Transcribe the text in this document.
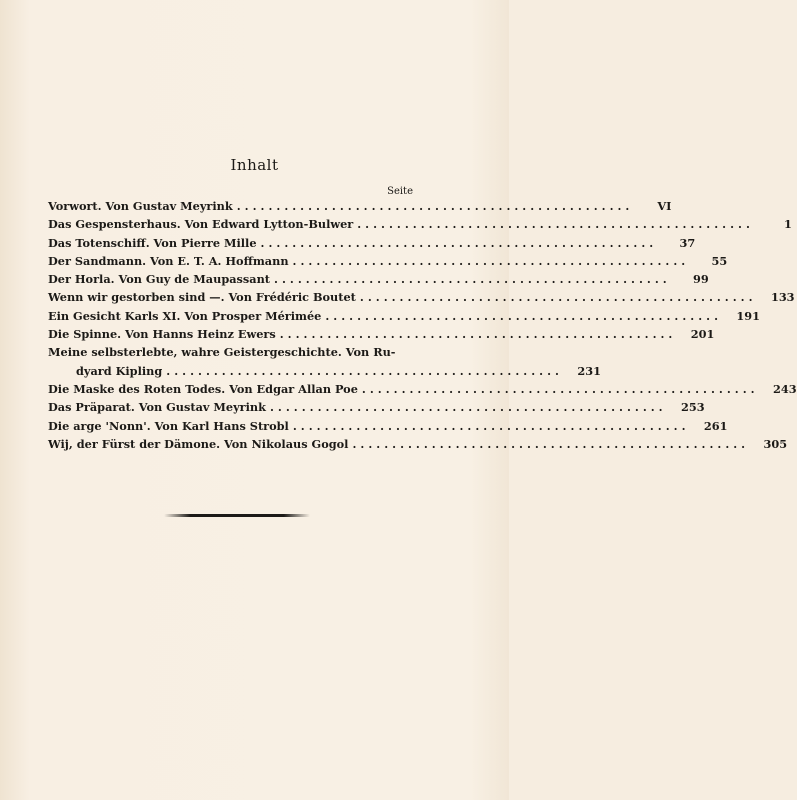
Inhalt
Seite
Vorwort. Von Gustav Meyrink ..................................................	VI
Das Gespensterhaus. Von Edward Lytton-Bulwer ..................................................	1
Das Totenschiff. Von Pierre Mille ..................................................	37
Der Sandmann. Von E. T. A. Hoffmann ..................................................	55
Der Horla. Von Guy de Maupassant ..................................................	99
Wenn wir gestorben sind —. Von Frédéric Boutet ..................................................	133
Ein Gesicht Karls XI. Von Prosper Mérimée ..................................................	191
Die Spinne. Von Hanns Heinz Ewers ..................................................	201
Meine selbsterlebte, wahre Geistergeschichte. Von Ru-
dyard Kipling ..................................................	231
Die Maske des Roten Todes. Von Edgar Allan Poe ..................................................	243
Das Präparat. Von Gustav Meyrink ..................................................	253
Die arge 'Nonn'. Von Karl Hans Strobl ..................................................	261
Wij, der Fürst der Dämone. Von Nikolaus Gogol ..................................................	305
